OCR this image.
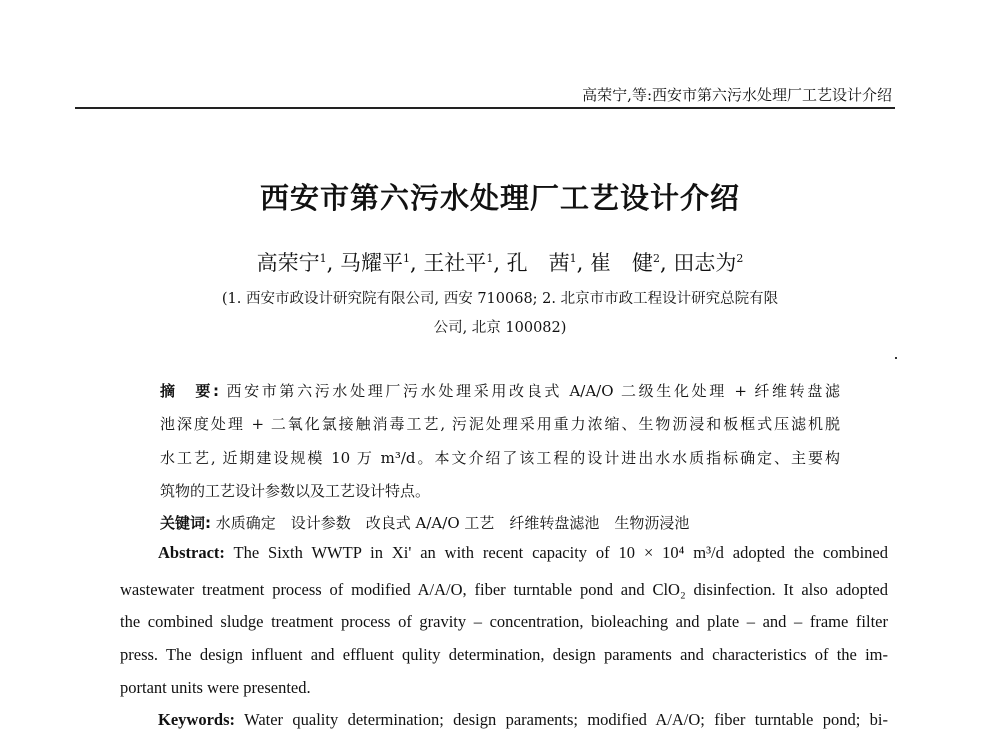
高荣宁,等:西安市第六污水处理厂工艺设计介绍
西安市第六污水处理厂工艺设计介绍
高荣宁$^1$, 马耀平$^1$, 王社平$^1$, 孔　茜$^1$, 崔　健$^2$, 田志为$^2$
(1. 西安市政设计研究院有限公司, 西安 710068; 2. 北京市市政工程设计研究总院有限
公司, 北京 100082)
摘　要: 西安市第六污水处理厂污水处理采用改良式 A/A/O 二级生化处理 + 纤维转盘滤
池深度处理 + 二氧化氯接触消毒工艺, 污泥处理采用重力浓缩、生物沥浸和板框式压滤机脱
水工艺, 近期建设规模 10 万 m³/d。本文介绍了该工程的设计进出水水质指标确定、主要构
筑物的工艺设计参数以及工艺设计特点。
关键词: 水质确定　设计参数　改良式 A/A/O 工艺　纤维转盘滤池　生物沥浸池
Abstract: The Sixth WWTP in Xi' an with recent capacity of 10 × 10⁴ m³/d adopted the combined
wastewater treatment process of modified A/A/O, fiber turntable pond and ClO₂ disinfection. It also adopted
the combined sludge treatment process of gravity – concentration, bioleaching and plate – and – frame filter
press. The design influent and effluent qulity determination, design paraments and characteristics of the im-
portant units were presented.
Keywords: Water quality determination; design paraments; modified A/A/O; fiber turntable pond; bi-
